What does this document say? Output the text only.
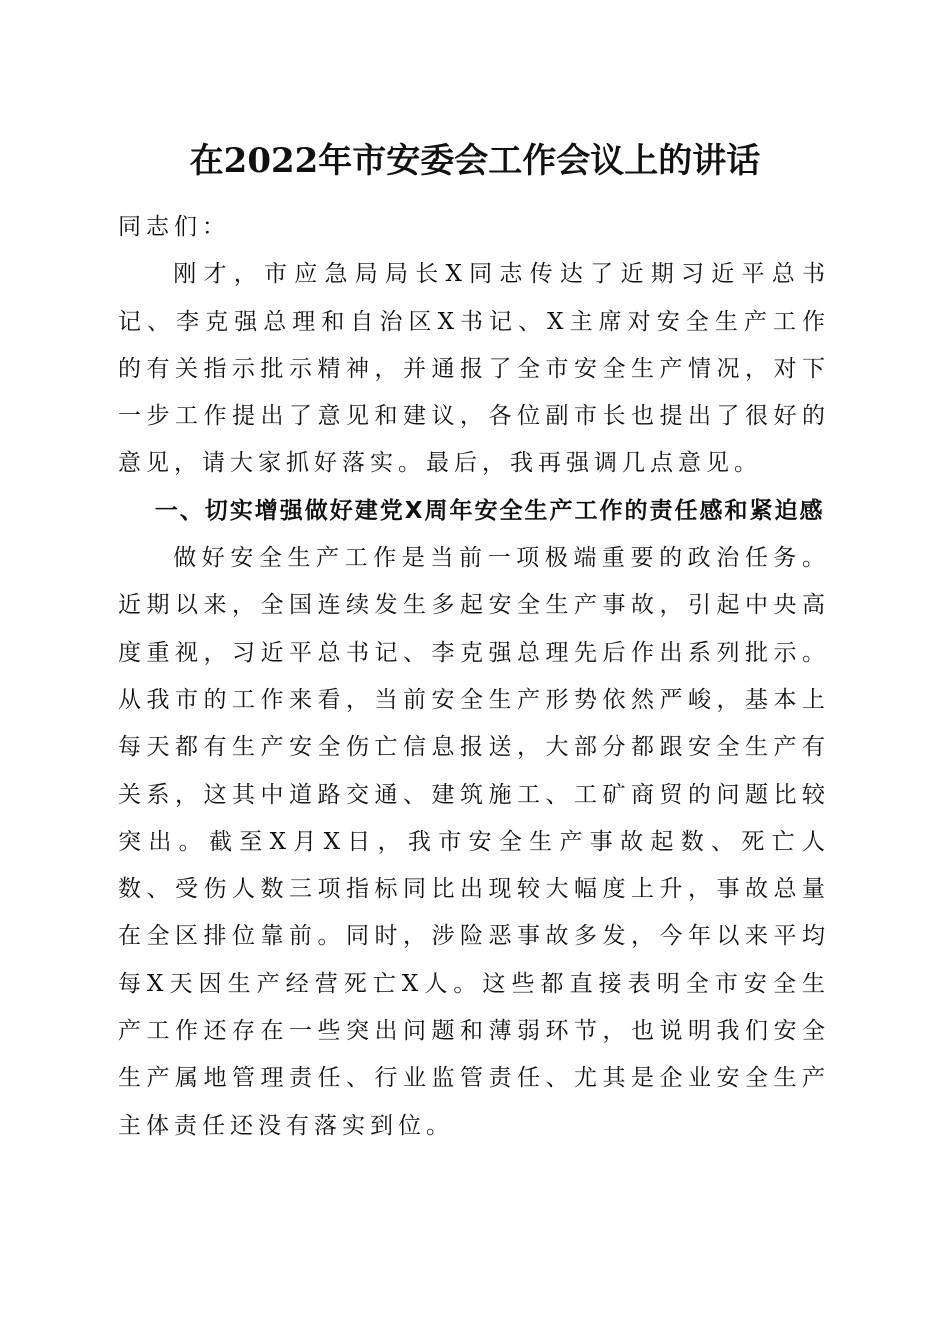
在2022年市安委会工作会议上的讲话

同志们：

刚才，市应急局局长X同志传达了近期习近平总书记、李克强总理和自治区X书记、X主席对安全生产工作的有关指示批示精神，并通报了全市安全生产情况，对下一步工作提出了意见和建议，各位副市长也提出了很好的意见，请大家抓好落实。最后，我再强调几点意见。

一、切实增强做好建党X周年安全生产工作的责任感和紧迫感

做好安全生产工作是当前一项极端重要的政治任务。近期以来，全国连续发生多起安全生产事故，引起中央高度重视，习近平总书记、李克强总理先后作出系列批示。从我市的工作来看，当前安全生产形势依然严峻，基本上每天都有生产安全伤亡信息报送，大部分都跟安全生产有关系，这其中道路交通、建筑施工、工矿商贸的问题比较突出。截至X月X日，我市安全生产事故起数、死亡人数、受伤人数三项指标同比出现较大幅度上升，事故总量在全区排位靠前。同时，涉险恶事故多发，今年以来平均每X天因生产经营死亡X人。这些都直接表明全市安全生产工作还存在一些突出问题和薄弱环节，也说明我们安全生产属地管理责任、行业监管责任、尤其是企业安全生产主体责任还没有落实到位。
